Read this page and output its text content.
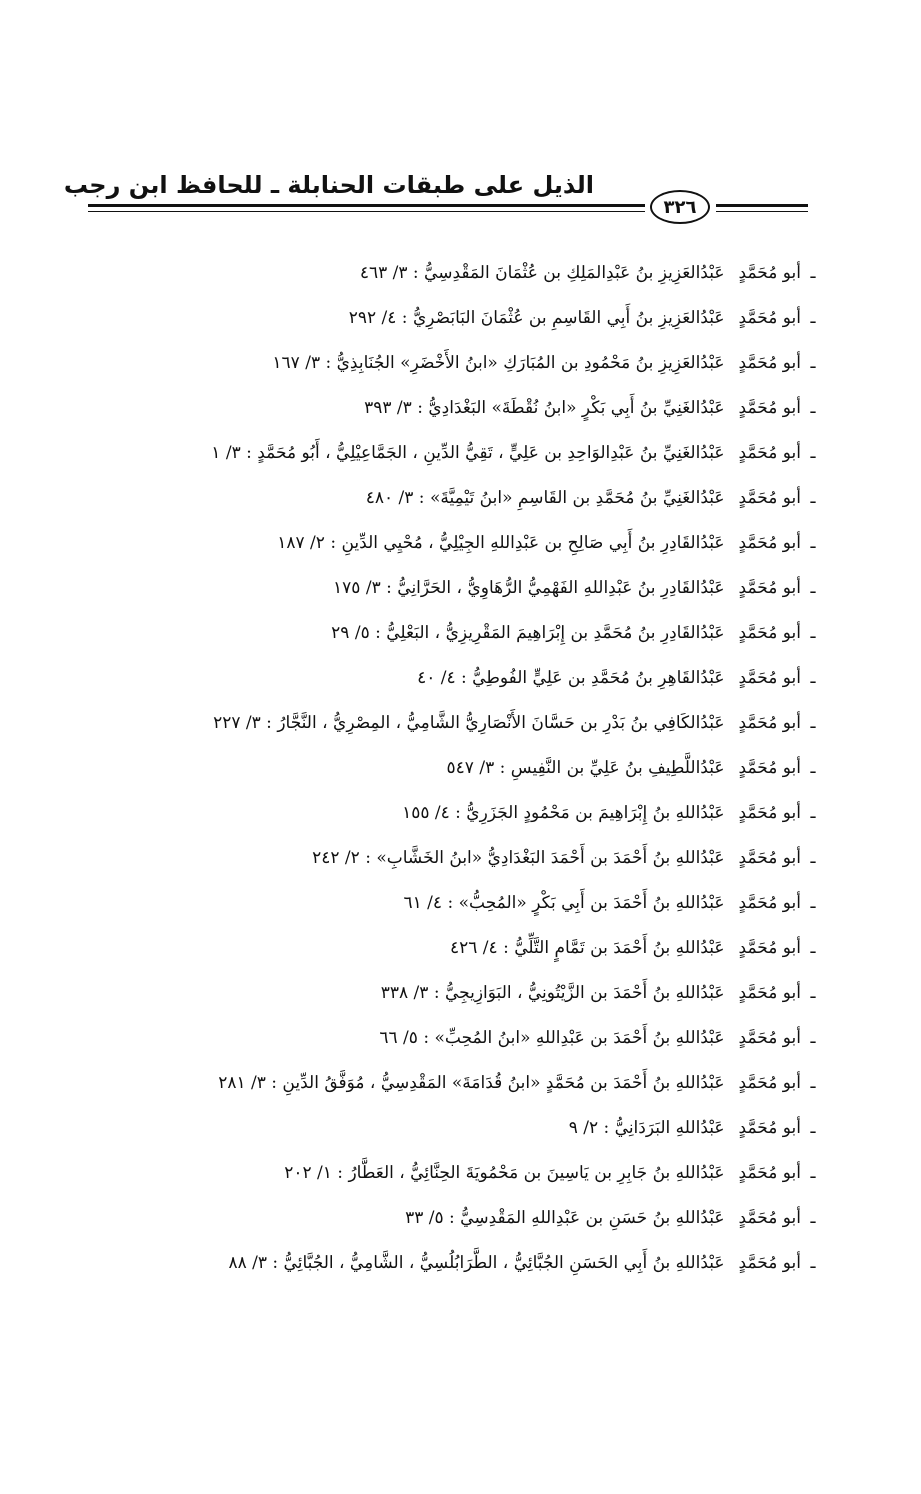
الذيل على طبقات الحنابلة ـ للحافظ ابن رجب
٣٢٦
ـ
أبو مُحَمَّدٍ
عَبْدُالعَزِيزِ بنُ عَبْدِالمَلِكِ بن عُثْمَانَ المَقْدِسِيُّ : ٣/ ٤٦٣
ـ
أبو مُحَمَّدٍ
عَبْدُالعَزِيزِ بنُ أَبِي القَاسِمِ بن عُثْمَانَ البَابَصْرِيُّ : ٤/ ٢٩٢
ـ
أبو مُحَمَّدٍ
عَبْدُالعَزِيزِ بنُ مَحْمُودِ بن المُبَارَكِ «ابنُ الأَخْضَرِ» الجُنَابِذِيُّ : ٣/ ١٦٧
ـ
أبو مُحَمَّدٍ
عَبْدُالغَنِيِّ بنُ أَبِي بَكْرٍ «ابنُ نُقْطَةَ» البَغْدَادِيُّ : ٣/ ٣٩٣
ـ
أبو مُحَمَّدٍ
عَبْدُالغَنِيِّ بنُ عَبْدِالوَاحِدِ بن عَلِيٍّ ، تَقِيُّ الدِّينِ ، الجَمَّاعِيْلِيُّ ، أَبُو مُحَمَّدٍ : ٣/ ١
ـ
أبو مُحَمَّدٍ
عَبْدُالغَنِيِّ بنُ مُحَمَّدِ بن القَاسِمِ «ابنُ تَيْمِيَّةَ» : ٣/ ٤٨٠
ـ
أبو مُحَمَّدٍ
عَبْدُالقَادِرِ بنُ أَبِي صَالِحِ بن عَبْدِاللهِ الجِيْلِيُّ ، مُحْيِي الدِّينِ : ٢/ ١٨٧
ـ
أبو مُحَمَّدٍ
عَبْدُالقَادِرِ بنُ عَبْدِاللهِ الفَهْمِيُّ الرُّهَاوِيُّ ، الحَرَّانِيُّ : ٣/ ١٧٥
ـ
أبو مُحَمَّدٍ
عَبْدُالقَادِرِ بنُ مُحَمَّدِ بن إِبْرَاهِيمَ المَقْرِيزِيُّ ، البَعْلِيُّ : ٥/ ٢٩
ـ
أبو مُحَمَّدٍ
عَبْدُالقَاهِرِ بنُ مُحَمَّدِ بن عَلِيٍّ الفُوطِيُّ : ٤/ ٤٠
ـ
أبو مُحَمَّدٍ
عَبْدُالكَافِي بنُ بَدْرِ بن حَسَّانَ الأَنْصَارِيُّ الشَّامِيُّ ، المِصْرِيُّ ، النَّجَّارُ : ٣/ ٢٢٧
ـ
أبو مُحَمَّدٍ
عَبْدُاللَّطِيفِ بنُ عَلِيِّ بن النَّفِيسِ : ٣/ ٥٤٧
ـ
أبو مُحَمَّدٍ
عَبْدُاللهِ بنُ إِبْرَاهِيمَ بن مَحْمُودٍ الجَزَرِيُّ : ٤/ ١٥٥
ـ
أبو مُحَمَّدٍ
عَبْدُاللهِ بنُ أَحْمَدَ بن أَحْمَدَ البَغْدَادِيُّ «ابنُ الخَشَّابِ» : ٢/ ٢٤٢
ـ
أبو مُحَمَّدٍ
عَبْدُاللهِ بنُ أَحْمَدَ بن أَبِي بَكْرٍ «المُحِبُّ» : ٤/ ٦١
ـ
أبو مُحَمَّدٍ
عَبْدُاللهِ بنُ أَحْمَدَ بن تَمَّامٍ التَّلِّيُّ : ٤/ ٤٢٦
ـ
أبو مُحَمَّدٍ
عَبْدُاللهِ بنُ أَحْمَدَ بن الزَّيْتُونِيُّ ، البَوَازِيجِيُّ : ٣/ ٣٣٨
ـ
أبو مُحَمَّدٍ
عَبْدُاللهِ بنُ أَحْمَدَ بن عَبْدِاللهِ «ابنُ المُحِبِّ» : ٥/ ٦٦
ـ
أبو مُحَمَّدٍ
عَبْدُاللهِ بنُ أَحْمَدَ بن مُحَمَّدٍ «ابنُ قُدَامَةَ» المَقْدِسِيُّ ، مُوَفَّقُ الدِّينِ : ٣/ ٢٨١
ـ
أبو مُحَمَّدٍ
عَبْدُاللهِ البَرَدَانِيُّ : ٢/ ٩
ـ
أبو مُحَمَّدٍ
عَبْدُاللهِ بنُ جَابِرِ بن يَاسِينَ بن مَحْمُويَةَ الحِنَّائِيُّ ، العَطَّارُ : ١/ ٢٠٢
ـ
أبو مُحَمَّدٍ
عَبْدُاللهِ بنُ حَسَنِ بن عَبْدِاللهِ المَقْدِسِيُّ : ٥/ ٣٣
ـ
أبو مُحَمَّدٍ
عَبْدُاللهِ بنُ أَبِي الحَسَنِ الجُبَّائِيُّ ، الطَّرَابُلُسِيُّ ، الشَّامِيُّ ، الجُبَّائِيُّ : ٣/ ٨٨
